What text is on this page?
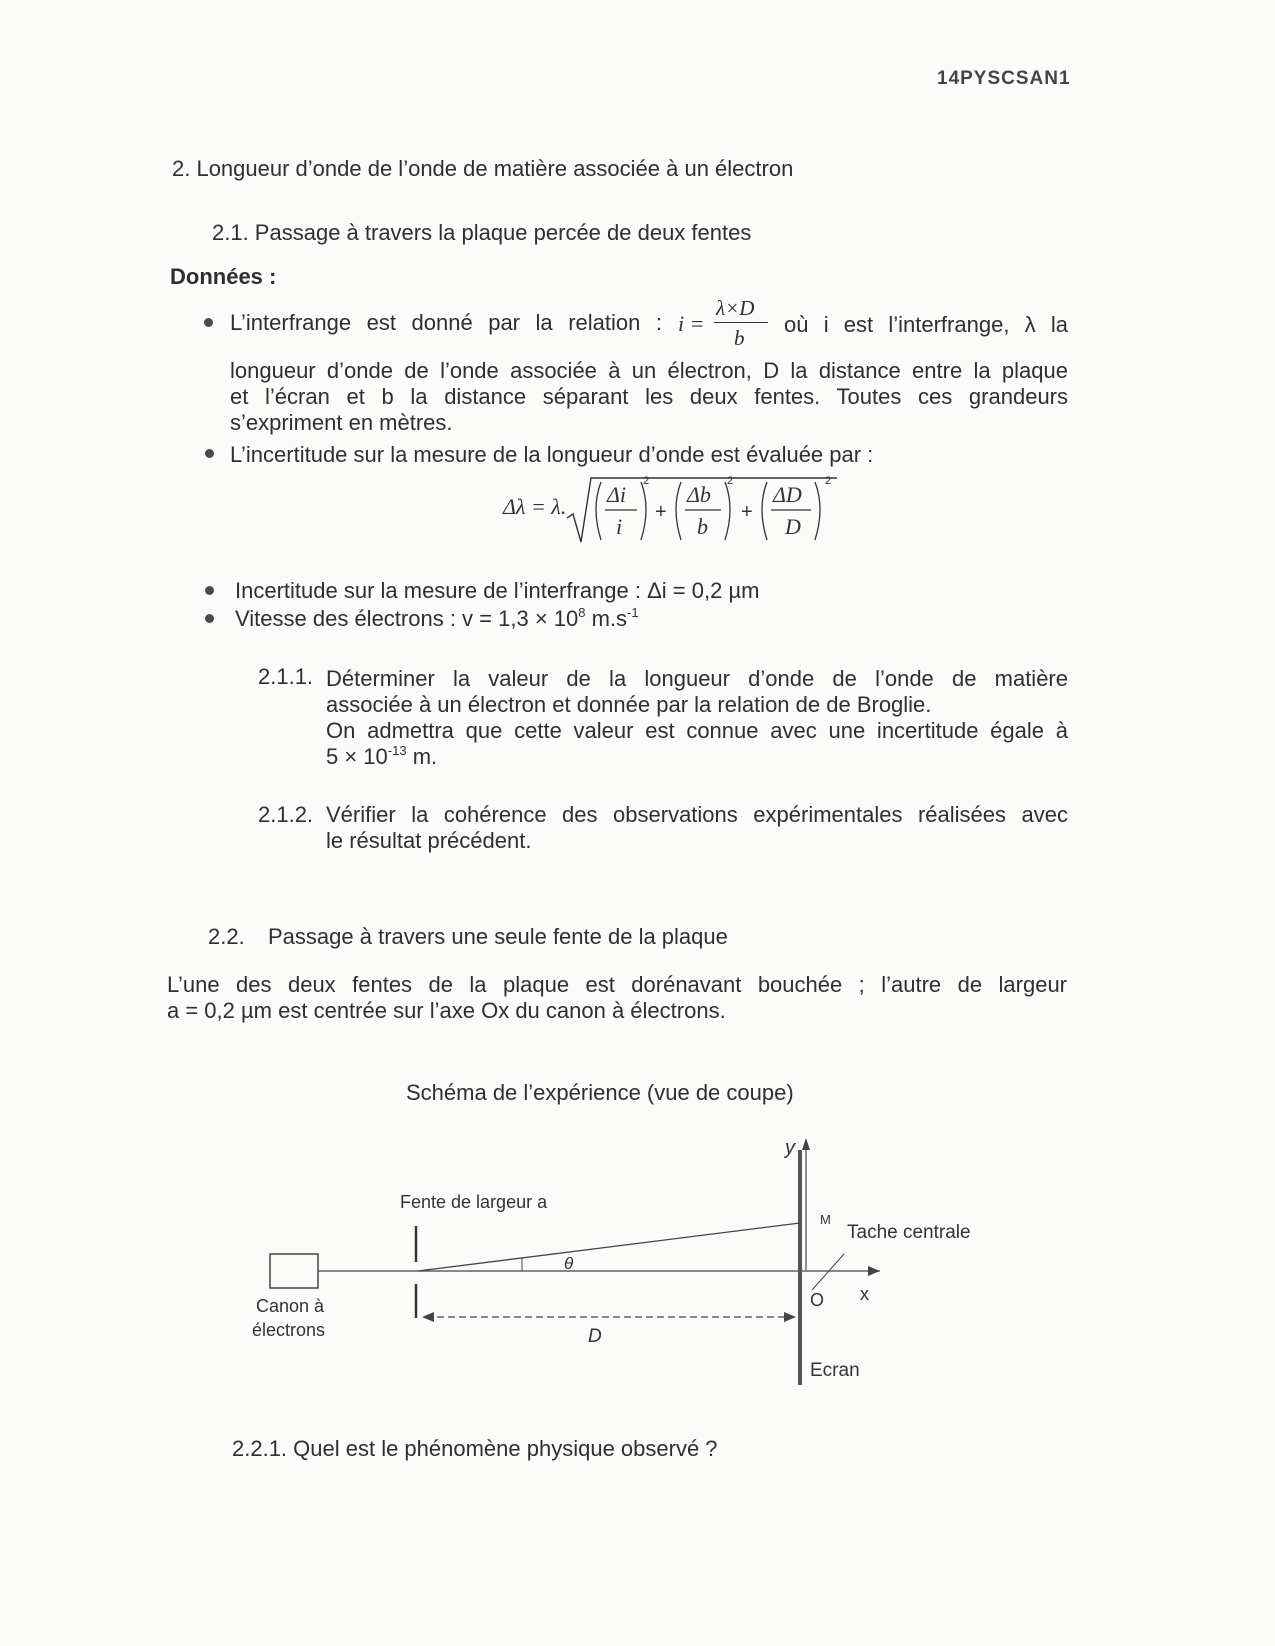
14PYSCSAN1
2. Longueur d’onde de l’onde de matière associée à un électron
2.1. Passage à travers la plaque percée de deux fentes
Données :
L’interfrange est donné par la relation : i =
λ×D
b
où i est l’interfrange, λ la
longueur d’onde de l’onde associée à un électron, D la distance entre la plaque
et l’écran et b la distance séparant les deux fentes. Toutes ces grandeurs
s’expriment en mètres.
L’incertitude sur la mesure de la longueur d’onde est évaluée par :
Δλ = λ. Δi
i
2
+
Δb
b
2
+
ΔD
D
2
Incertitude sur la mesure de l’interfrange : Δi = 0,2 µm
Vitesse des électrons : $v = 1,3 \times 10^8$ $m.s^{-1}$
2.1.1. Déterminer la valeur de la longueur d’onde de l’onde de matière
associée à un électron et donnée par la relation de de Broglie.
On admettra que cette valeur est connue avec une incertitude égale à
$5 \times 10^{-13}$ m.
2.1.2. Vérifier la cohérence des observations expérimentales réalisées avec
le résultat précédent.
2.2. Passage à travers une seule fente de la plaque
L’une des deux fentes de la plaque est dorénavant bouchée ; l’autre de largeur
a = 0,2 µm est centrée sur l’axe Ox du canon à électrons.
Schéma de l’expérience (vue de coupe)
Fente de largeur a
Canon à
électrons
θ
D
M
Tache centrale
O x
y
Ecran
2.2.1. Quel est le phénomène physique observé ?
